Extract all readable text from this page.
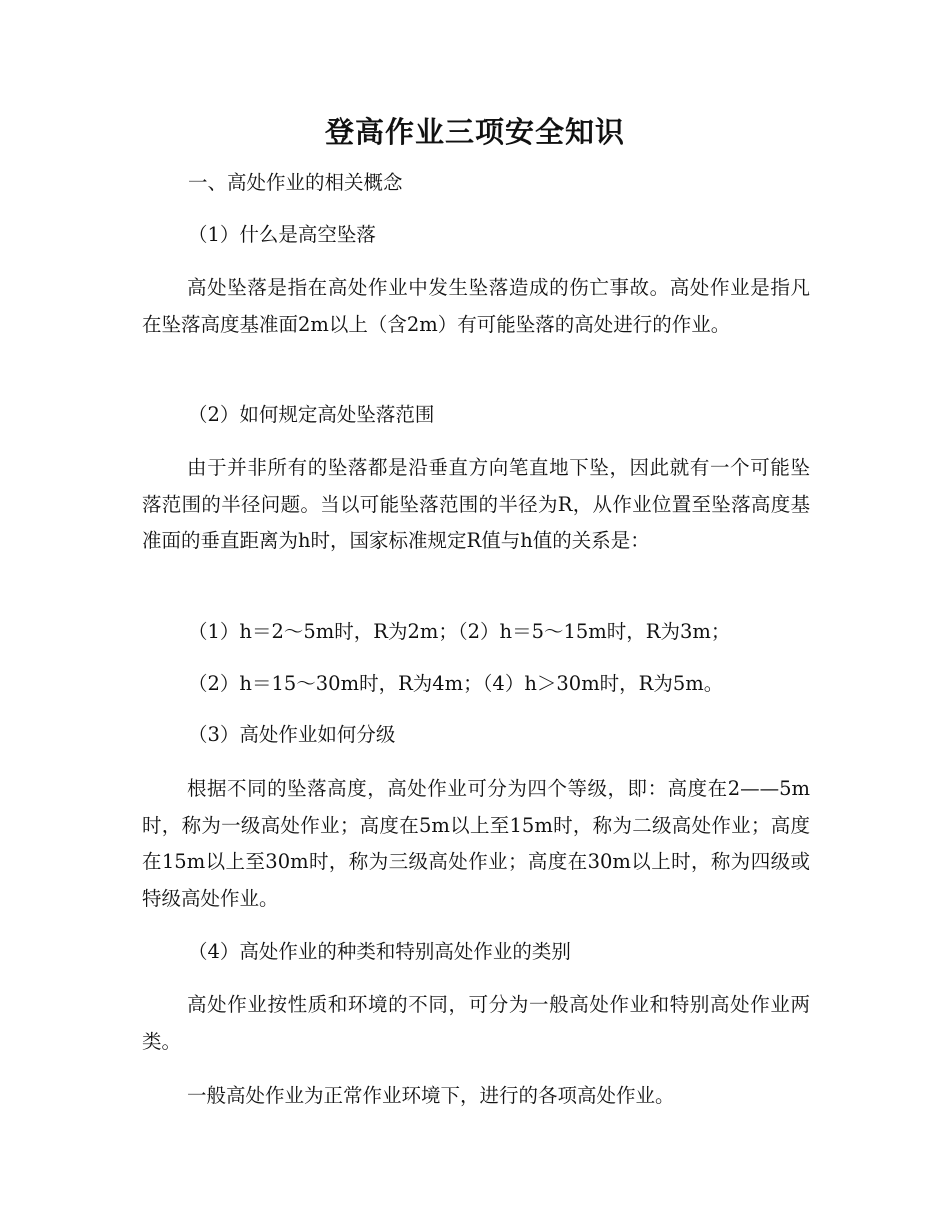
登高作业三项安全知识

一、高处作业的相关概念

（1）什么是高空坠落

高处坠落是指在高处作业中发生坠落造成的伤亡事故。高处作业是指凡在坠落高度基准面2m以上（含2m）有可能坠落的高处进行的作业。

（2）如何规定高处坠落范围

由于并非所有的坠落都是沿垂直方向笔直地下坠，因此就有一个可能坠落范围的半径问题。当以可能坠落范围的半径为R，从作业位置至坠落高度基准面的垂直距离为h时，国家标准规定R值与h值的关系是：

（1）h＝2～5m时，R为2m；（2）h＝5～15m时，R为3m；

（2）h＝15～30m时，R为4m；（4）h＞30m时，R为5m。

（3）高处作业如何分级

根据不同的坠落高度，高处作业可分为四个等级，即：高度在2——5m时，称为一级高处作业；高度在5m以上至15m时，称为二级高处作业；高度在15m以上至30m时，称为三级高处作业；高度在30m以上时，称为四级或特级高处作业。

（4）高处作业的种类和特别高处作业的类别

高处作业按性质和环境的不同，可分为一般高处作业和特别高处作业两类。

一般高处作业为正常作业环境下，进行的各项高处作业。
